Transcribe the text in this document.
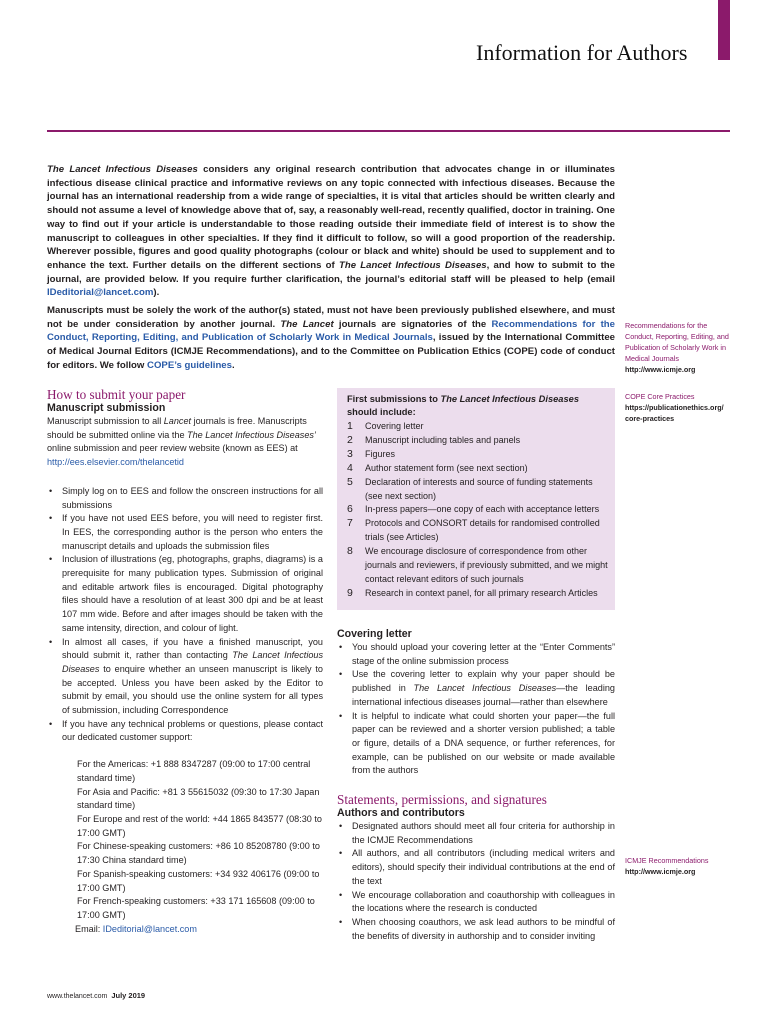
Information for Authors
The Lancet Infectious Diseases considers any original research contribution that advocates change in or illuminates infectious disease clinical practice and informative reviews on any topic connected with infectious diseases. Because the journal has an international readership from a wide range of specialties, it is vital that articles should be written clearly and should not assume a level of knowledge above that of, say, a reasonably well-read, recently qualified, doctor in training. One way to find out if your article is understandable to those reading outside their immediate field of interest is to show the manuscript to colleagues in other specialties. If they find it difficult to follow, so will a good proportion of the readership. Wherever possible, figures and good quality photographs (colour or black and white) should be used to supplement and to enhance the text. Further details on the different sections of The Lancet Infectious Diseases, and how to submit to the journal, are provided below. If you require further clarification, the journal’s editorial staff will be pleased to help (email IDeditorial@lancet.com).
Manuscripts must be solely the work of the author(s) stated, must not have been previously published elsewhere, and must not be under consideration by another journal. The Lancet journals are signatories of the Recommendations for the Conduct, Reporting, Editing, and Publication of Scholarly Work in Medical Journals, issued by the International Committee of Medical Journal Editors (ICMJE Recommendations), and to the Committee on Publication Ethics (COPE) code of conduct for editors. We follow COPE’s guidelines.
Recommendations for the Conduct, Reporting, Editing, and Publication of Scholarly Work in Medical Journals
http://www.icmje.org
COPE Core Practices
https://publicationethics.org/ core-practices
ICMJE Recommendations
http://www.icmje.org
How to submit your paper
Manuscript submission
Manuscript submission to all Lancet journals is free. Manuscripts should be submitted online via the The Lancet Infectious Diseases’ online submission and peer review website (known as EES) at http://ees.elsevier.com/thelancetid
• Simply log on to EES and follow the onscreen instructions for all submissions
• If you have not used EES before, you will need to register first. In EES, the corresponding author is the person who enters the manuscript details and uploads the submission files
• Inclusion of illustrations (eg, photographs, graphs, diagrams) is a prerequisite for many publication types. Submission of original and editable artwork files is encouraged. Digital photography files should have a resolution of at least 300 dpi and be at least 107 mm wide. Before and after images should be taken with the same intensity, direction, and colour of light.
• In almost all cases, if you have a finished manuscript, you should submit it, rather than contacting The Lancet Infectious Diseases to enquire whether an unseen manuscript is likely to be accepted. Unless you have been asked by the Editor to submit by email, you should use the online system for all types of submission, including Correspondence
• If you have any technical problems or questions, please contact our dedicated customer support:
For the Americas: +1 888 8347287 (09:00 to 17:00 central standard time)
For Asia and Pacific: +81 3 55615032 (09:30 to 17:30 Japan standard time)
For Europe and rest of the world: +44 1865 843577 (08:30 to 17:00 GMT)
For Chinese-speaking customers: +86 10 85208780 (9:00 to 17:30 China standard time)
For Spanish-speaking customers: +34 932 406176 (09:00 to 17:00 GMT)
For French-speaking customers: +33 171 165608 (09:00 to 17:00 GMT)
Email: IDeditorial@lancet.com
First submissions to The Lancet Infectious Diseases should include:
1 Covering letter
2 Manuscript including tables and panels
3 Figures
4 Author statement form (see next section)
5 Declaration of interests and source of funding statements (see next section)
6 In-press papers—one copy of each with acceptance letters
7 Protocols and CONSORT details for randomised controlled trials (see Articles)
8 We encourage disclosure of correspondence from other journals and reviewers, if previously submitted, and we might contact relevant editors of such journals
9 Research in context panel, for all primary research Articles
Covering letter
• You should upload your covering letter at the “Enter Comments” stage of the online submission process
• Use the covering letter to explain why your paper should be published in The Lancet Infectious Diseases—the leading international infectious diseases journal—rather than elsewhere
• It is helpful to indicate what could shorten your paper—the full paper can be reviewed and a shorter version published; a table or figure, details of a DNA sequence, or further references, for example, can be published on our website or made available from the authors
Statements, permissions, and signatures
Authors and contributors
• Designated authors should meet all four criteria for authorship in the ICMJE Recommendations
• All authors, and all contributors (including medical writers and editors), should specify their individual contributions at the end of the text
• We encourage collaboration and coauthorship with colleagues in the locations where the research is conducted
• When choosing coauthors, we ask lead authors to be mindful of the benefits of diversity in authorship and to consider inviting
www.thelancet.com July 2019
